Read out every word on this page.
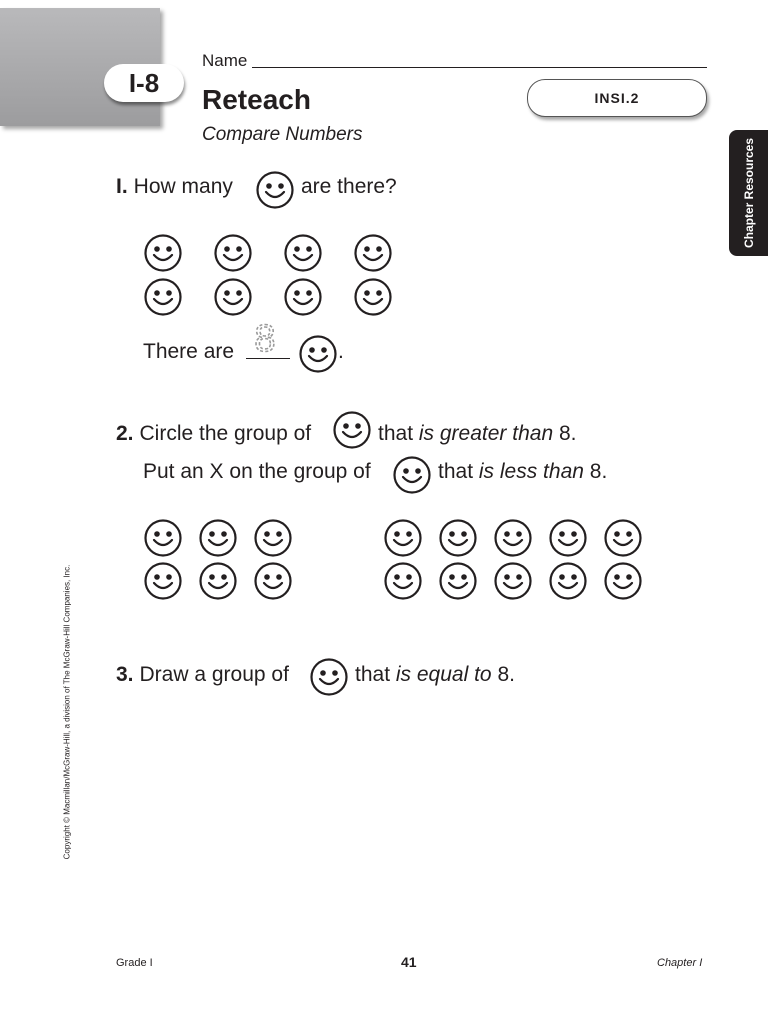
I-8
Name
Reteach
Compare Numbers
INSI.2
Chapter Resources
I. How many	are there?
There are 8	.
2. Circle the group of	that is greater than 8.
Put an X on the group of	that is less than 8.
3. Draw a group of	that is equal to 8.
Copyright © Macmillan/McGraw-Hill, a division of The McGraw-Hill Companies, Inc.
Grade I	41	Chapter I
